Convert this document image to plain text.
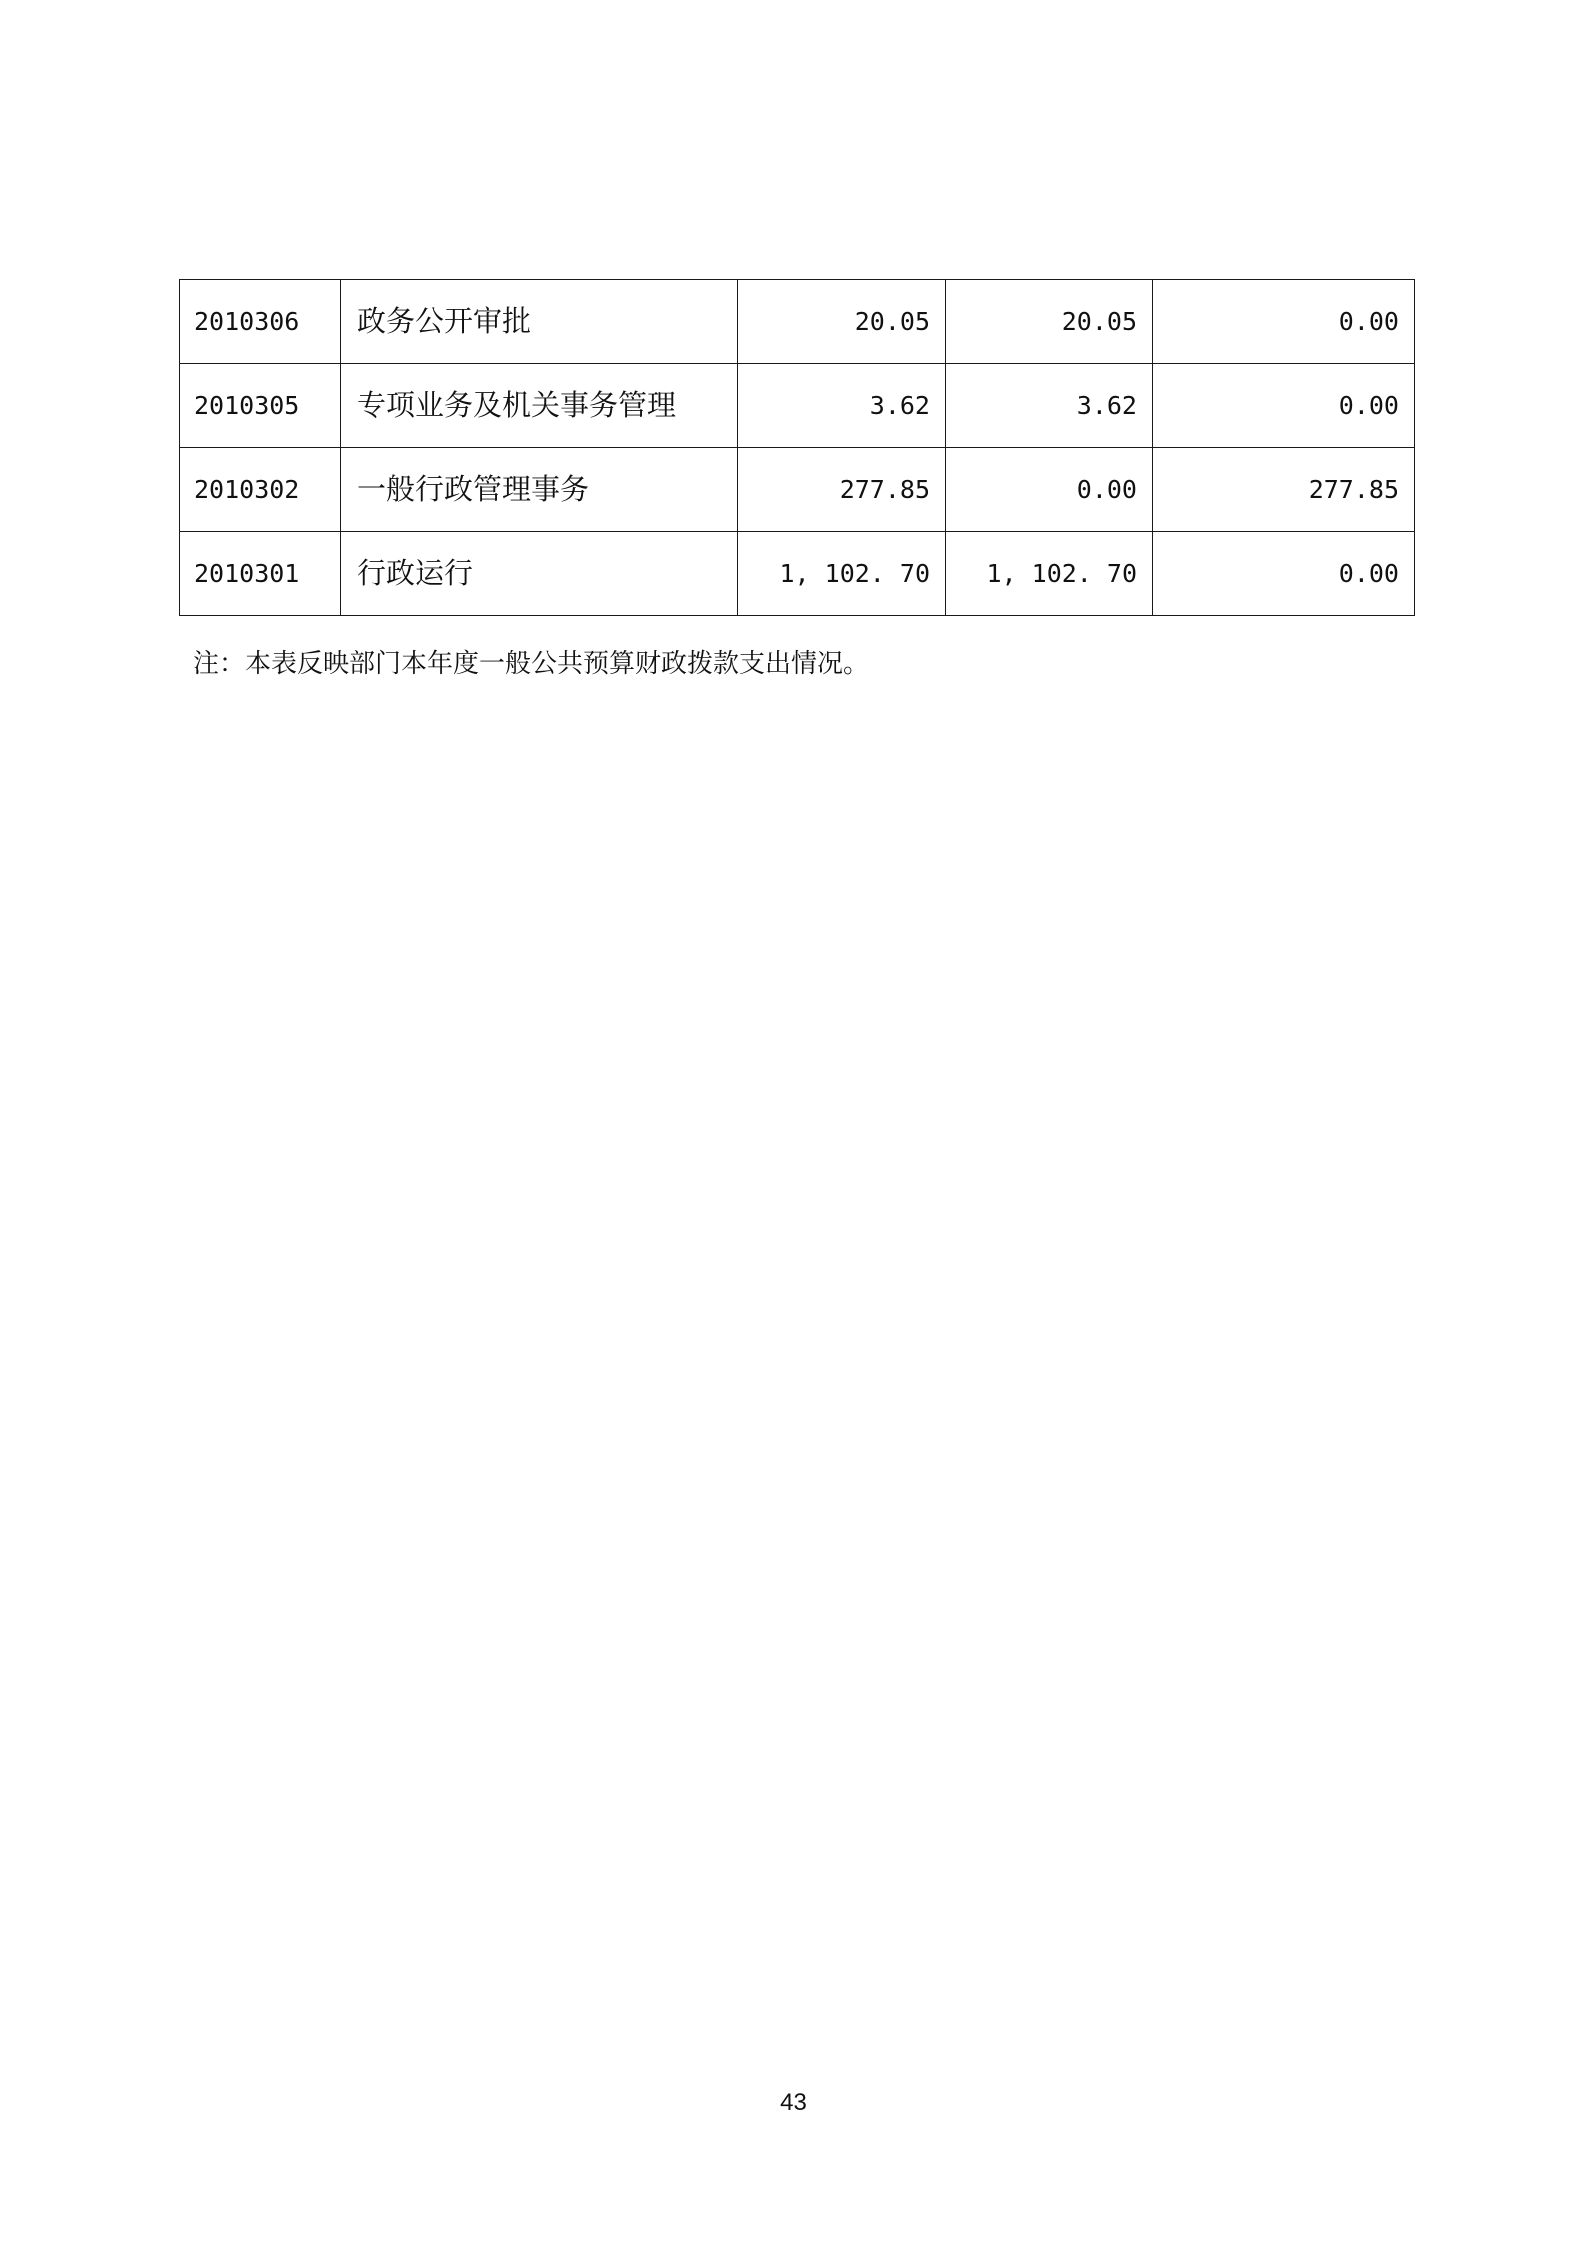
2010306	政务公开审批	20.05	20.05	0.00
2010305	专项业务及机关事务管理	3.62	3.62	0.00
2010302	一般行政管理事务	277.85	0.00	277.85
2010301	行政运行	1, 102. 70	1, 102. 70	0.00
注：本表反映部门本年度一般公共预算财政拨款支出情况。
43
